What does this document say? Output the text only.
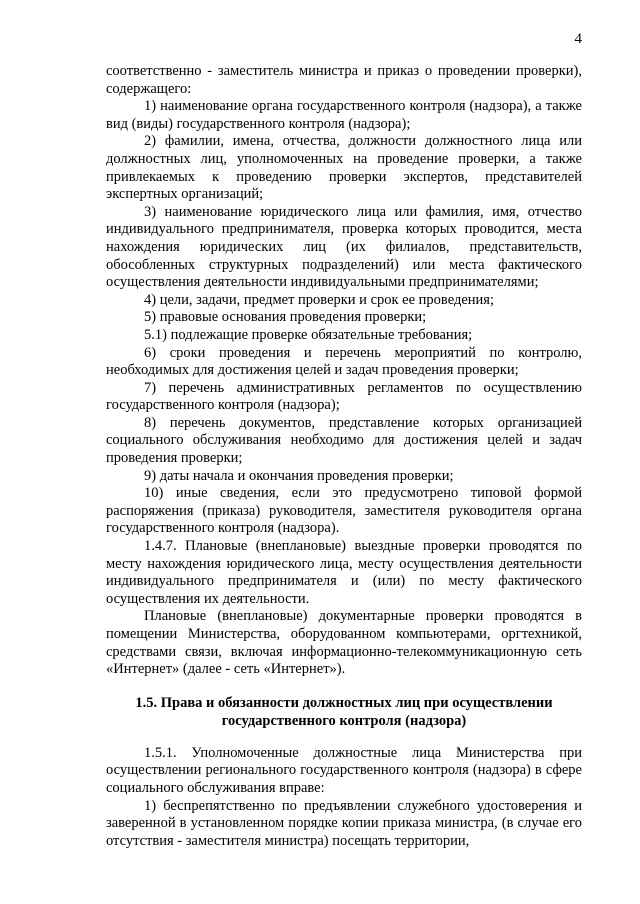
4

соответственно - заместитель министра и приказ о проведении проверки), содержащего:

1) наименование органа государственного контроля (надзора), а также вид (виды) государственного контроля (надзора);

2) фамилии, имена, отчества, должности должностного лица или должностных лиц, уполномоченных на проведение проверки, а также привлекаемых к проведению проверки экспертов, представителей экспертных организаций;

3) наименование юридического лица или фамилия, имя, отчество индивидуального предпринимателя, проверка которых проводится, места нахождения юридических лиц (их филиалов, представительств, обособленных структурных подразделений) или места фактического осуществления деятельности индивидуальными предпринимателями;

4) цели, задачи, предмет проверки и срок ее проведения;

5) правовые основания проведения проверки;

5.1) подлежащие проверке обязательные требования;

6) сроки проведения и перечень мероприятий по контролю, необходимых для достижения целей и задач проведения проверки;

7) перечень административных регламентов по осуществлению государственного контроля (надзора);

8) перечень документов, представление которых организацией социального обслуживания необходимо для достижения целей и задач проведения проверки;

9) даты начала и окончания проведения проверки;

10) иные сведения, если это предусмотрено типовой формой распоряжения (приказа) руководителя, заместителя руководителя органа государственного контроля (надзора).

1.4.7. Плановые (внеплановые) выездные проверки проводятся по месту нахождения юридического лица, месту осуществления деятельности индивидуального предпринимателя и (или) по месту фактического осуществления их деятельности.

Плановые (внеплановые) документарные проверки проводятся в помещении Министерства, оборудованном компьютерами, оргтехникой, средствами связи, включая информационно-телекоммуникационную сеть «Интернет» (далее - сеть «Интернет»).

1.5. Права и обязанности должностных лиц при осуществлении
государственного контроля (надзора)

1.5.1. Уполномоченные должностные лица Министерства при осуществлении регионального государственного контроля (надзора) в сфере социального обслуживания вправе:

1) беспрепятственно по предъявлении служебного удостоверения и заверенной в установленном порядке копии приказа министра, (в случае его отсутствия - заместителя министра) посещать территории,
